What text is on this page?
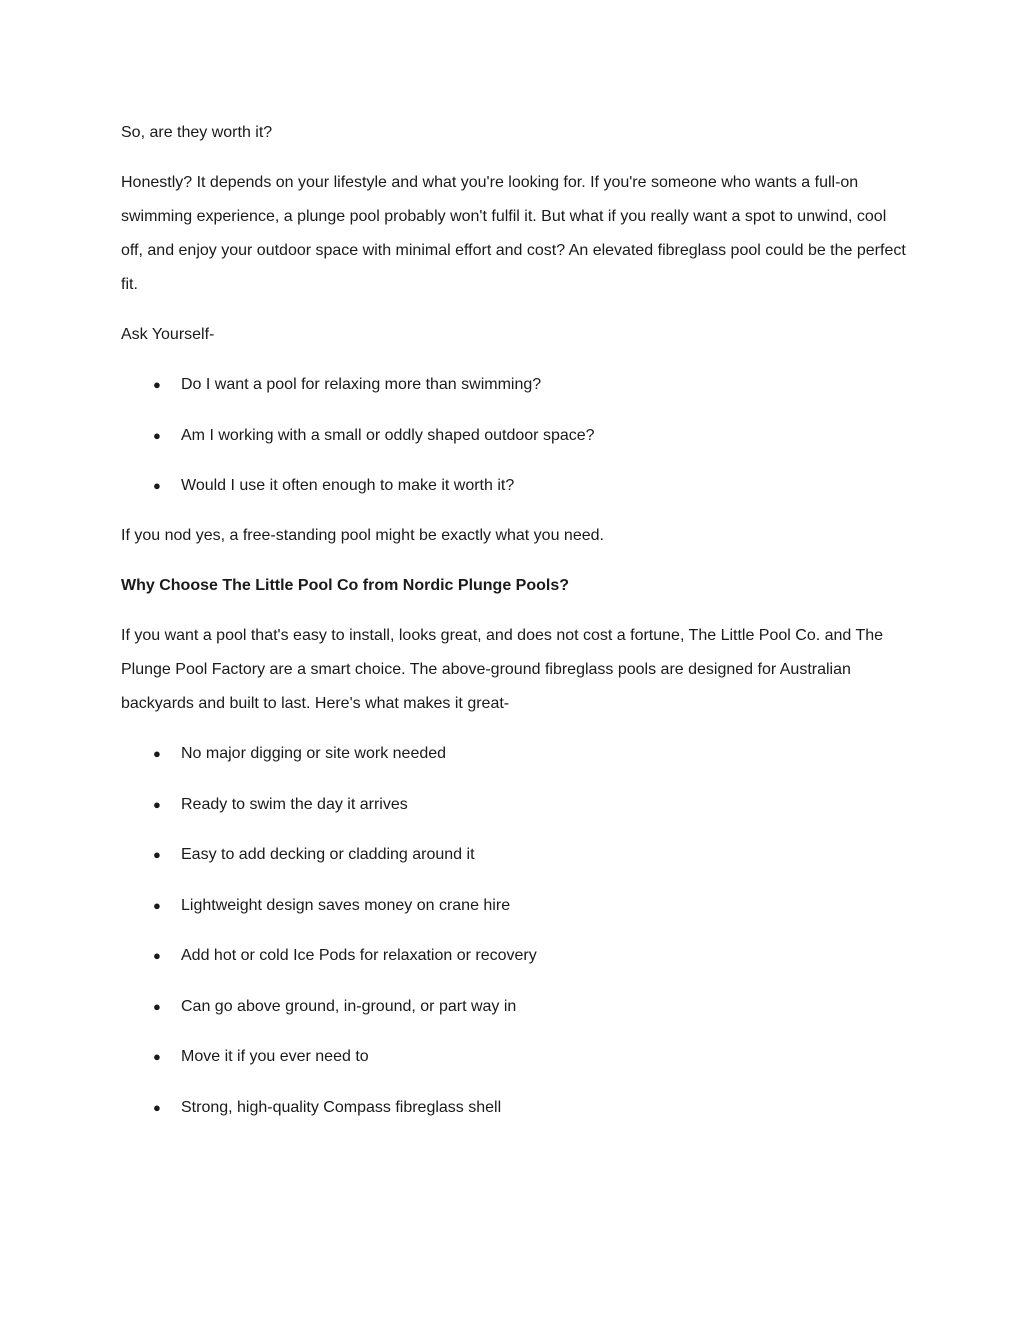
So, are they worth it?

Honestly? It depends on your lifestyle and what you're looking for. If you're someone who wants a full-on swimming experience, a plunge pool probably won't fulfil it. But what if you really want a spot to unwind, cool off, and enjoy your outdoor space with minimal effort and cost? An elevated fibreglass pool could be the perfect fit.

Ask Yourself-

● Do I want a pool for relaxing more than swimming?
● Am I working with a small or oddly shaped outdoor space?
● Would I use it often enough to make it worth it?

If you nod yes, a free-standing pool might be exactly what you need.

Why Choose The Little Pool Co from Nordic Plunge Pools?

If you want a pool that's easy to install, looks great, and does not cost a fortune, The Little Pool Co. and The Plunge Pool Factory are a smart choice. The above-ground fibreglass pools are designed for Australian backyards and built to last. Here's what makes it great-

● No major digging or site work needed
● Ready to swim the day it arrives
● Easy to add decking or cladding around it
● Lightweight design saves money on crane hire
● Add hot or cold Ice Pods for relaxation or recovery
● Can go above ground, in-ground, or part way in
● Move it if you ever need to
● Strong, high-quality Compass fibreglass shell
